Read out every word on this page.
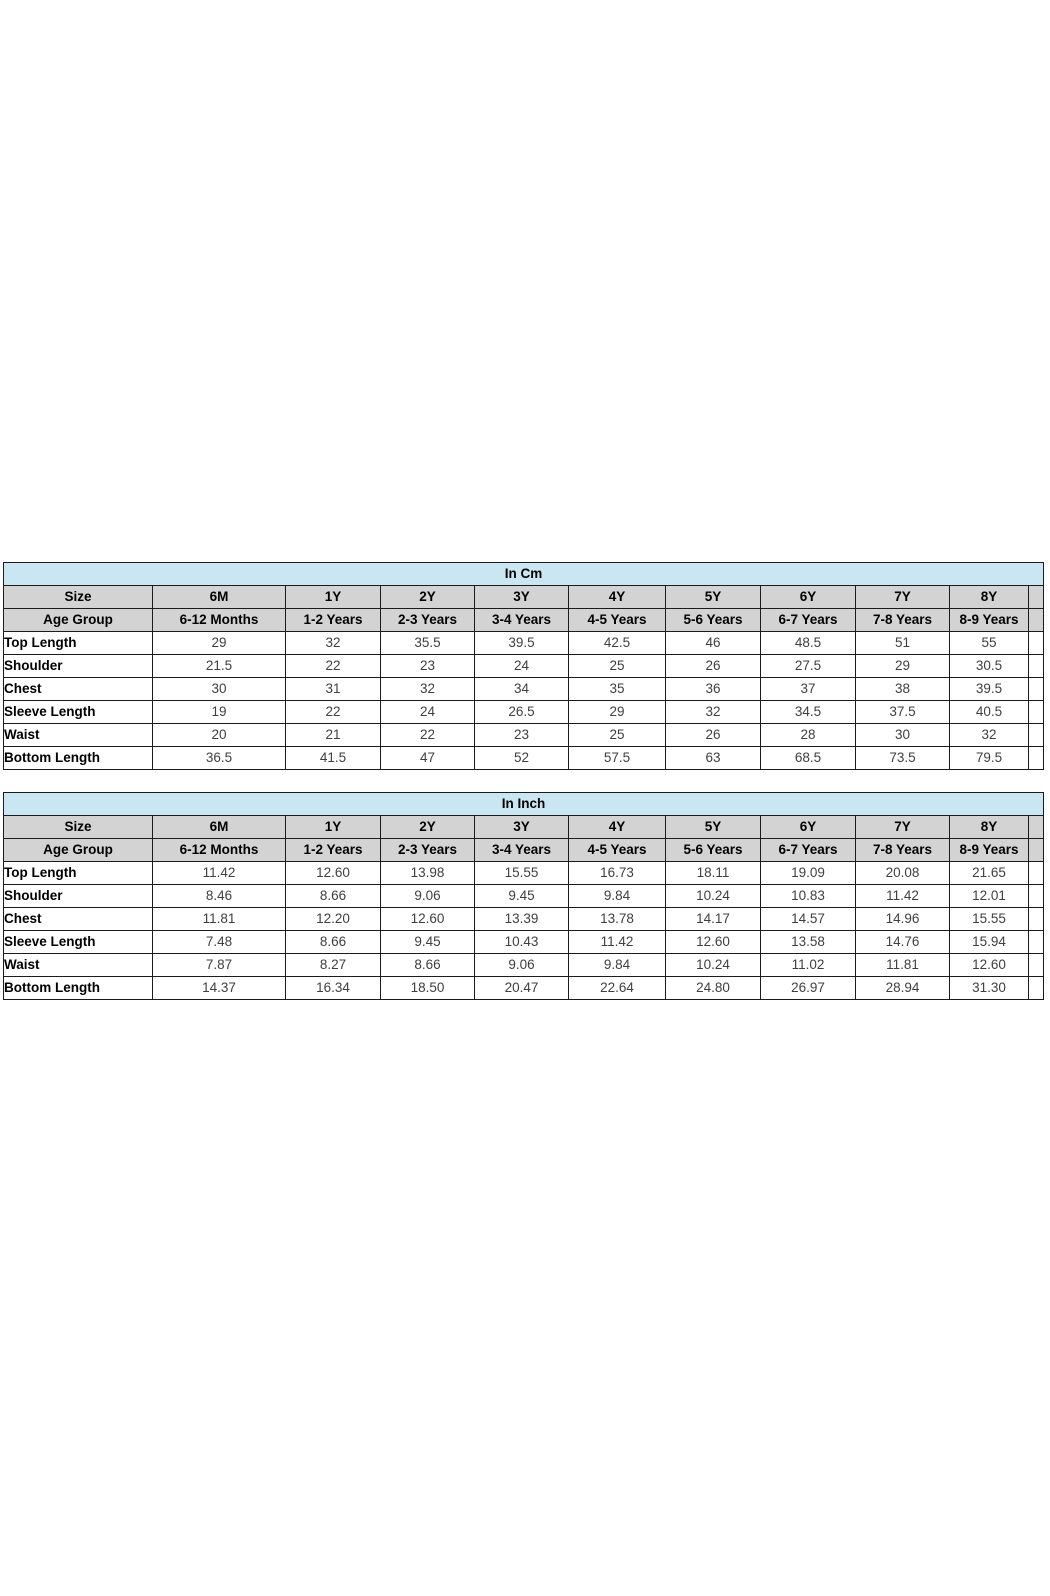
In Cm										
Size	6M	1Y	2Y	3Y	4Y	5Y	6Y	7Y	8Y	
Age Group	6-12 Months	1-2 Years	2-3 Years	3-4 Years	4-5 Years	5-6 Years	6-7 Years	7-8 Years	8-9 Years	
Top Length	29	32	35.5	39.5	42.5	46	48.5	51	55	
Shoulder	21.5	22	23	24	25	26	27.5	29	30.5	
Chest	30	31	32	34	35	36	37	38	39.5	
Sleeve Length	19	22	24	26.5	29	32	34.5	37.5	40.5	
Waist	20	21	22	23	25	26	28	30	32	
Bottom Length	36.5	41.5	47	52	57.5	63	68.5	73.5	79.5	
In Inch										
Size	6M	1Y	2Y	3Y	4Y	5Y	6Y	7Y	8Y	
Age Group	6-12 Months	1-2 Years	2-3 Years	3-4 Years	4-5 Years	5-6 Years	6-7 Years	7-8 Years	8-9 Years	
Top Length	11.42	12.60	13.98	15.55	16.73	18.11	19.09	20.08	21.65	
Shoulder	8.46	8.66	9.06	9.45	9.84	10.24	10.83	11.42	12.01	
Chest	11.81	12.20	12.60	13.39	13.78	14.17	14.57	14.96	15.55	
Sleeve Length	7.48	8.66	9.45	10.43	11.42	12.60	13.58	14.76	15.94	
Waist	7.87	8.27	8.66	9.06	9.84	10.24	11.02	11.81	12.60	
Bottom Length	14.37	16.34	18.50	20.47	22.64	24.80	26.97	28.94	31.30	
